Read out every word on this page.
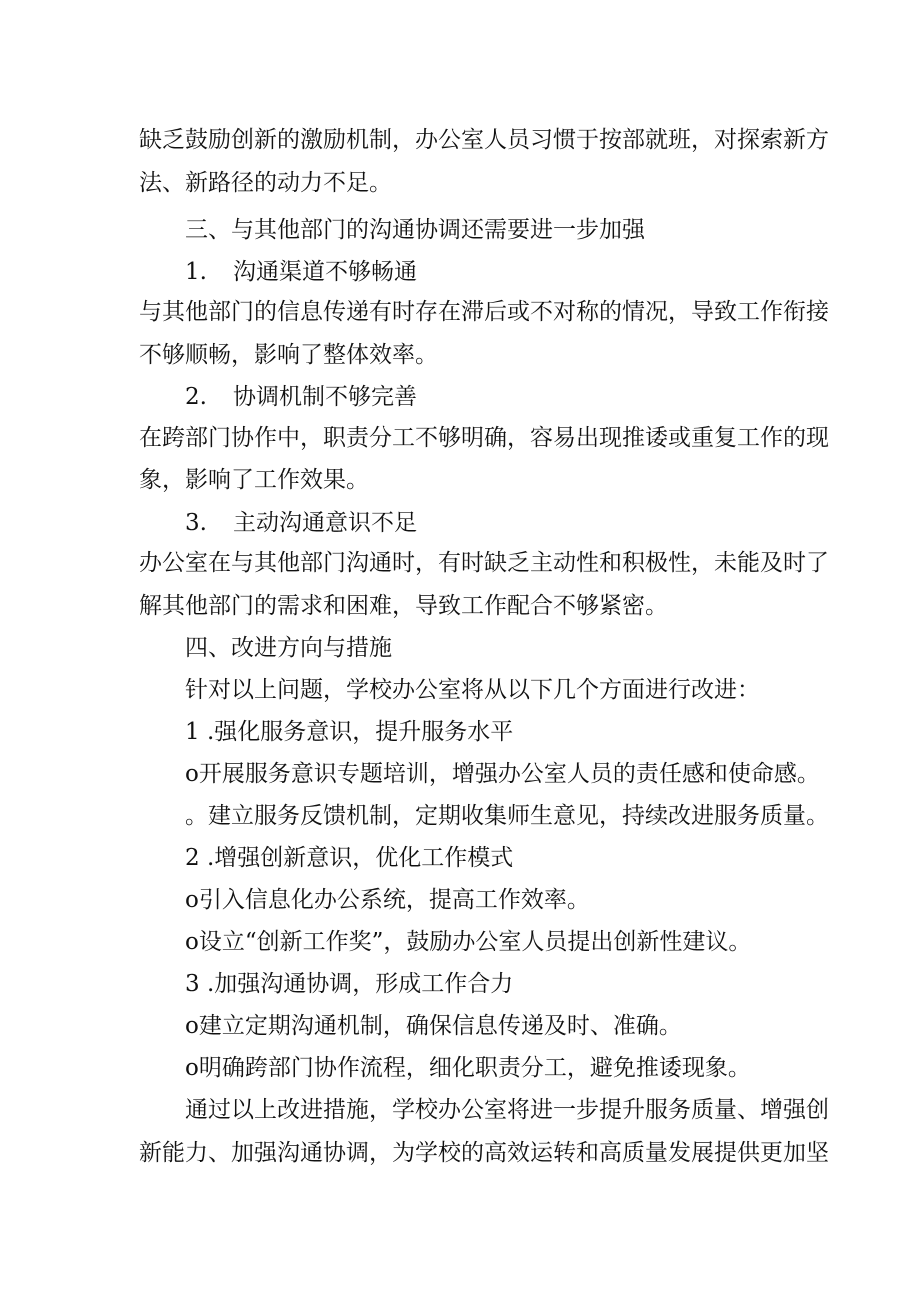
缺乏鼓励创新的激励机制，办公室人员习惯于按部就班，对探索新方
法、新路径的动力不足。
三、与其他部门的沟通协调还需要进一步加强
1. 沟通渠道不够畅通
与其他部门的信息传递有时存在滞后或不对称的情况，导致工作衔接
不够顺畅，影响了整体效率。
2. 协调机制不够完善
在跨部门协作中，职责分工不够明确，容易出现推诿或重复工作的现
象，影响了工作效果。
3. 主动沟通意识不足
办公室在与其他部门沟通时，有时缺乏主动性和积极性，未能及时了
解其他部门的需求和困难，导致工作配合不够紧密。
四、改进方向与措施
针对以上问题，学校办公室将从以下几个方面进行改进：
1 .强化服务意识，提升服务水平
o开展服务意识专题培训，增强办公室人员的责任感和使命感。
。建立服务反馈机制，定期收集师生意见，持续改进服务质量。
2 .增强创新意识，优化工作模式
o引入信息化办公系统，提高工作效率。
o设立“创新工作奖”，鼓励办公室人员提出创新性建议。
3 .加强沟通协调，形成工作合力
o建立定期沟通机制，确保信息传递及时、准确。
o明确跨部门协作流程，细化职责分工，避免推诿现象。
通过以上改进措施，学校办公室将进一步提升服务质量、增强创
新能力、加强沟通协调，为学校的高效运转和高质量发展提供更加坚
